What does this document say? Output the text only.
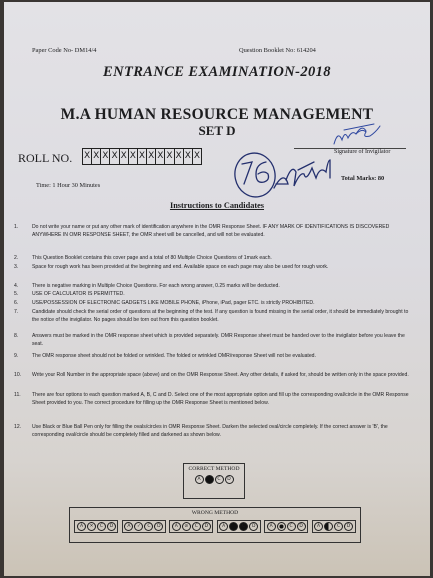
Paper Code No- DM14/4	Question Booklet No: 614204
ENTRANCE EXAMINATION-2018
M.A HUMAN RESOURCE MANAGEMENT
SET D
ROLL NO. X X X X X X X X X X X X X	Signature of Invigilator
Time: 1 Hour 30 Minutes
Total Marks: 80
Instructions to Candidates
1.	Do not write your name or put any other mark of identification anywhere in the OMR Response Sheet. IF ANY MARK OF IDENTIFICATIONS IS DISCOVERED ANYWHERE IN OMR RESPONSE SHEET, the OMR sheet will be cancelled, and will not be evaluated.
2.	This Question Booklet contains this cover page and a total of 80 Multiple Choice Questions of 1mark each.
3.	Space for rough work has been provided at the beginning and end. Available space on each page may also be used for rough work.
4.	There is negative marking in Multiple Choice Questions. For each wrong answer, 0.25 marks will be deducted.
5.	USE OF CALCULATOR IS PERMITTED.
6.	USE/POSSESSION OF ELECTRONIC GADGETS LIKE MOBILE PHONE, iPhone, iPad, pager ETC. is strictly PROHIBITED.
7.	Candidate should check the serial order of questions at the beginning of the test. If any question is found missing in the serial order, it should be immediately brought to the notice of the invigilator. No pages should be torn out from this question booklet.
8.	Answers must be marked in the OMR response sheet which is provided separately. OMR Response sheet must be handed over to the invigilator before you leave the seat.
9.	The OMR response sheet should not be folded or wrinkled. The folded or wrinkled OMR/response Sheet will not be evaluated.
10.	Write your Roll Number in the appropriate space (above) and on the OMR Response Sheet. Any other details, if asked for, should be written only in the space provided.
11.	There are four options to each question marked A, B, C and D. Select one of the most appropriate option and fill up the corresponding oval/circle in the OMR Response Sheet provided to you. The correct procedure for filling up the OMR Response Sheet is mentioned below.
12.	Use Black or Blue Ball Pen only for filling the ovals/circles in OMR Response Sheet. Darken the selected oval/circle completely. If the correct answer is 'B', the corresponding oval/circle should be completely filled and darkened as shown below.
CORRECT METHOD
A	C D
WRONG METHOD
A ✕ C D	A ✓ C D	A ⊘ C D	A	C D	A	C D	A	C D
